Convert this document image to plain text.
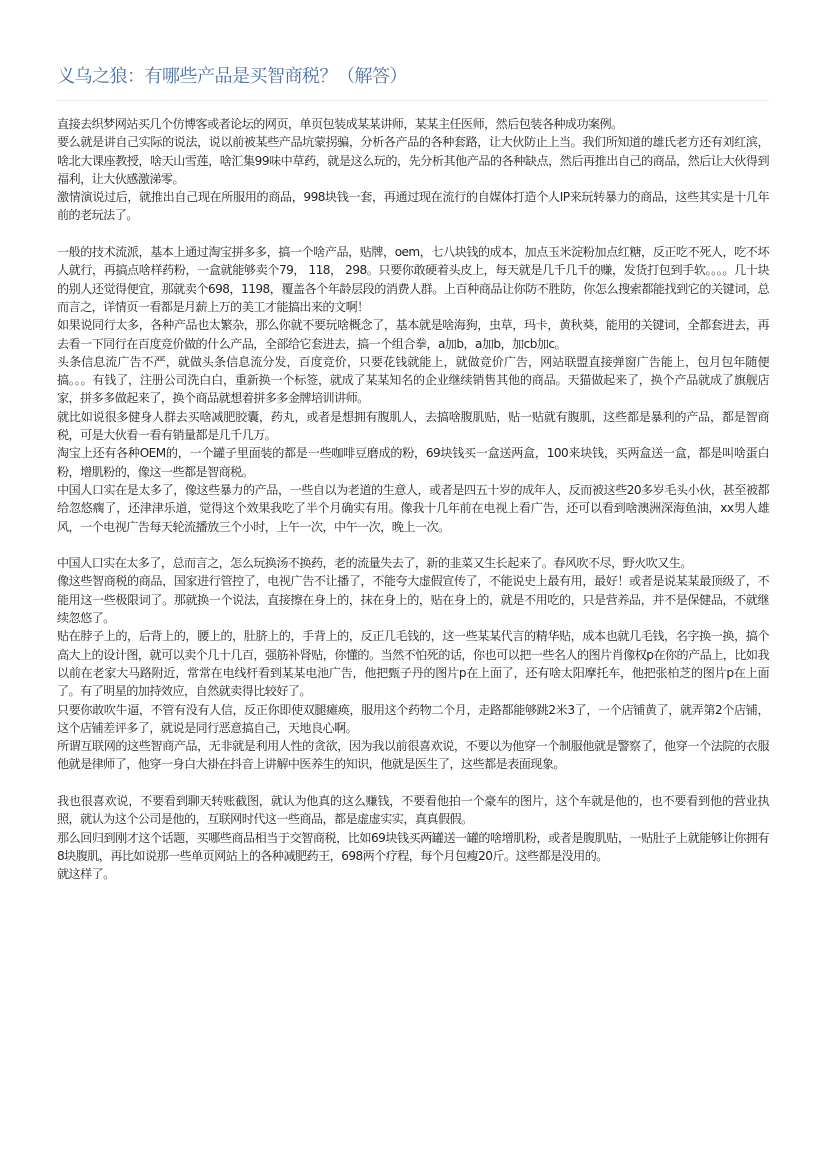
义乌之狼：有哪些产品是买智商税？（解答）

直接去织梦网站买几个仿博客或者论坛的网页，单页包装成某某讲师，某某主任医师，然后包装各种成功案例。

要么就是讲自己实际的说法，说以前被某些产品坑蒙拐骗，分析各产品的各种套路，让大伙防止上当。我们所知道的雄氏老方还有刘红滨，啥北大课座教授，啥天山雪莲，啥汇集99味中草药，就是这么玩的，先分析其他产品的各种缺点，然后再推出自己的商品，然后让大伙得到福利，让大伙感激涕零。

激情演说过后，就推出自己现在所服用的商品，998块钱一套，再通过现在流行的自媒体打造个人IP来玩转暴力的商品，这些其实是十几年前的老玩法了。

一般的技术流派，基本上通过淘宝拼多多，搞一个啥产品，贴牌，oem，七八块钱的成本，加点玉米淀粉加点红糖，反正吃不死人，吃不坏人就行，再搞点啥样药粉，一盒就能够卖个79， 118， 298。只要你敢硬着头皮上，每天就是几千几千的赚，发货打包到手软。。。。几十块的别人还觉得便宜，那就卖个698，1198，覆盖各个年龄层段的消费人群。上百种商品让你防不胜防，你怎么搜索都能找到它的关键词，总而言之，详情页一看都是月薪上万的美工才能搞出来的文啊！

如果说同行太多，各种产品也太繁杂，那么你就不要玩啥概念了，基本就是啥海狗，虫草，玛卡，黄秋葵，能用的关键词，全都套进去，再去看一下同行在百度竞价做的什么产品，全部给它套进去，搞一个组合拳，a加b，a加b，加cb加c。

头条信息流广告不严，就做头条信息流分发，百度竞价，只要花钱就能上，就做竞价广告，网站联盟直接弹窗广告能上，包月包年随便搞。。。有钱了，注册公司洗白白，重新换一个标签，就成了某某知名的企业继续销售其他的商品。天猫做起来了，换个产品就成了旗舰店家，拼多多做起来了，换个商品就想着拼多多金牌培训讲师。

就比如说很多健身人群去买啥减肥胶囊，药丸，或者是想拥有腹肌人，去搞啥腹肌贴，贴一贴就有腹肌，这些都是暴利的产品，都是智商税，可是大伙看一看有销量都是几千几万。

淘宝上还有各种OEM的，一个罐子里面装的都是一些咖啡豆磨成的粉，69块钱买一盒送两盒，100来块钱，买两盒送一盒，都是叫啥蛋白粉，增肌粉的，像这一些都是智商税。

中国人口实在是太多了，像这些暴力的产品，一些自以为老道的生意人，或者是四五十岁的成年人，反而被这些20多岁毛头小伙，甚至被都给忽悠瘸了，还津津乐道，觉得这个效果我吃了半个月确实有用。像我十几年前在电视上看广告，还可以看到啥澳洲深海鱼油，xx男人雄风，一个电视广告每天轮流播放三个小时，上午一次，中午一次，晚上一次。

中国人口实在太多了，总而言之，怎么玩换汤不换药，老的流量失去了，新的韭菜又生长起来了。春风吹不尽，野火吹又生。

像这些智商税的商品，国家进行管控了，电视广告不让播了，不能夸大虚假宣传了，不能说史上最有用，最好！或者是说某某最顶级了，不能用这一些极限词了。那就换一个说法，直接擦在身上的，抹在身上的，贴在身上的，就是不用吃的，只是营养品，并不是保健品，不就继续忽悠了。

贴在脖子上的，后背上的，腰上的，肚脐上的，手背上的，反正几毛钱的，这一些某某代言的精华贴，成本也就几毛钱，名字换一换，搞个高大上的设计图，就可以卖个几十几百，强筋补肾贴，你懂的。当然不怕死的话，你也可以把一些名人的图片肖像权p在你的产品上，比如我以前在老家大马路附近，常常在电线杆看到某某电池广告，他把甄子丹的图片p在上面了，还有啥太阳摩托车，他把张柏芝的图片p在上面了。有了明星的加持效应，自然就卖得比较好了。

只要你敢吹牛逼，不管有没有人信，反正你即使双腿瘫痪，服用这个药物二个月，走路都能够跳2米3了，一个店铺黄了，就弄第2个店铺，这个店铺差评多了，就说是同行恶意搞自己，天地良心啊。

所谓互联网的这些智商产品，无非就是利用人性的贪欲，因为我以前很喜欢说，不要以为他穿一个制服他就是警察了，他穿一个法院的衣服他就是律师了，他穿一身白大褂在抖音上讲解中医养生的知识，他就是医生了，这些都是表面现象。

我也很喜欢说，不要看到聊天转账截图，就认为他真的这么赚钱，不要看他拍一个豪车的图片，这个车就是他的，也不要看到他的营业执照，就认为这个公司是他的，互联网时代这一些商品，都是虚虚实实，真真假假。

那么回归到刚才这个话题，买哪些商品相当于交智商税，比如69块钱买两罐送一罐的啥增肌粉，或者是腹肌贴，一贴肚子上就能够让你拥有8块腹肌，再比如说那一些单页网站上的各种减肥药王，698两个疗程，每个月包瘦20斤。这些都是没用的。

就这样了。
